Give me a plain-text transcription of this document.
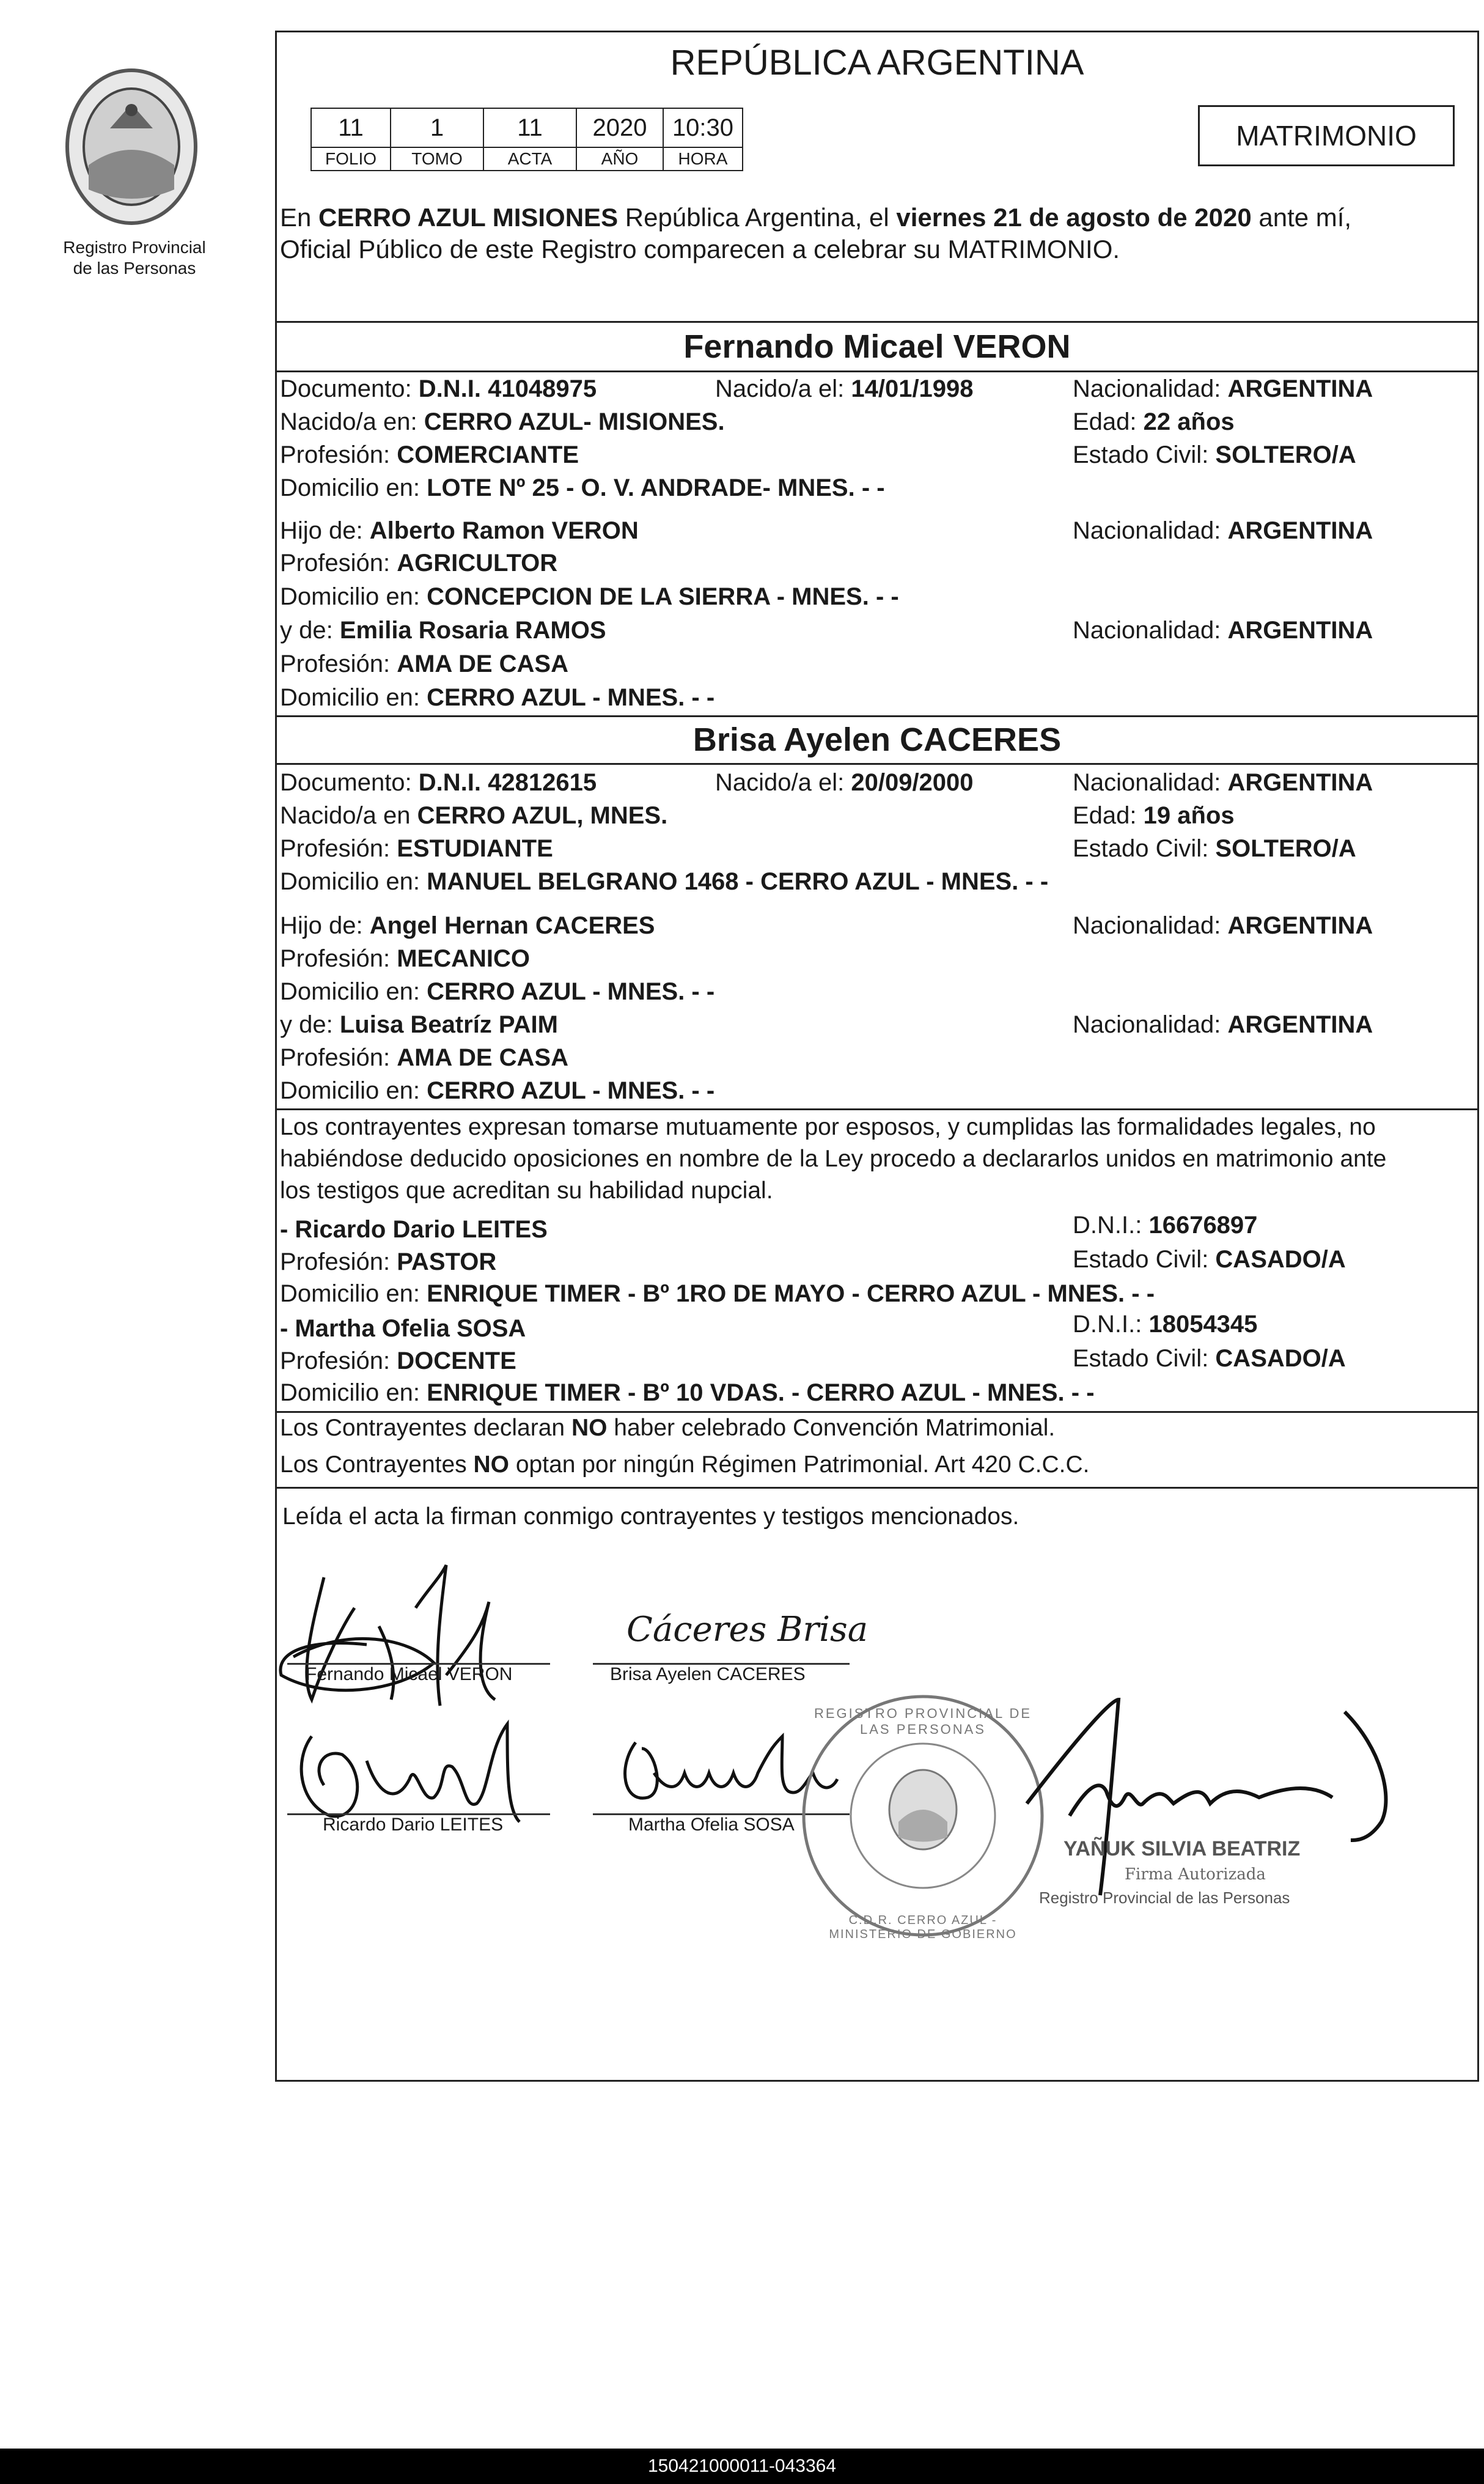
Registro Provincial
de las Personas
REPÚBLICA ARGENTINA
11	1	11	2020	10:30
FOLIO	TOMO	ACTA	AÑO	HORA
MATRIMONIO
En CERRO AZUL MISIONES República Argentina, el viernes 21 de agosto de 2020 ante mí,
Oficial Público de este Registro comparecen a celebrar su MATRIMONIO.
Fernando Micael VERON
Documento: D.N.I. 41048975	Nacido/a el: 14/01/1998	Nacionalidad: ARGENTINA
Nacido/a en: CERRO AZUL- MISIONES.	Edad: 22 años
Profesión: COMERCIANTE	Estado Civil: SOLTERO/A
Domicilio en: LOTE Nº 25 - O. V. ANDRADE- MNES. - -
Hijo de: Alberto Ramon VERON	Nacionalidad: ARGENTINA
Profesión: AGRICULTOR
Domicilio en: CONCEPCION DE LA SIERRA - MNES. - -
y de: Emilia Rosaria RAMOS	Nacionalidad: ARGENTINA
Profesión: AMA DE CASA
Domicilio en: CERRO AZUL - MNES. - -
Brisa Ayelen CACERES
Documento: D.N.I. 42812615	Nacido/a el: 20/09/2000	Nacionalidad: ARGENTINA
Nacido/a en CERRO AZUL, MNES.	Edad: 19 años
Profesión: ESTUDIANTE	Estado Civil: SOLTERO/A
Domicilio en: MANUEL BELGRANO 1468 - CERRO AZUL - MNES. - -
Hijo de: Angel Hernan CACERES	Nacionalidad: ARGENTINA
Profesión: MECANICO
Domicilio en: CERRO AZUL - MNES. - -
y de: Luisa Beatríz PAIM	Nacionalidad: ARGENTINA
Profesión: AMA DE CASA
Domicilio en: CERRO AZUL - MNES. - -
Los contrayentes expresan tomarse mutuamente por esposos, y cumplidas las formalidades legales, no
habiéndose deducido oposiciones en nombre de la Ley procedo a declararlos unidos en matrimonio ante
los testigos que acreditan su habilidad nupcial.
- Ricardo Dario LEITES	D.N.I.: 16676897
Profesión: PASTOR	Estado Civil: CASADO/A
Domicilio en: ENRIQUE TIMER - Bº 1RO DE MAYO - CERRO AZUL - MNES. - -
- Martha Ofelia SOSA	D.N.I.: 18054345
Profesión: DOCENTE	Estado Civil: CASADO/A
Domicilio en: ENRIQUE TIMER - Bº 10 VDAS. - CERRO AZUL - MNES. - -
Los Contrayentes declaran NO haber celebrado Convención Matrimonial.
Los Contrayentes NO optan por ningún Régimen Patrimonial. Art 420 C.C.C.
Leída el acta la firman conmigo contrayentes y testigos mencionados.
Fernando Micael VERON
Cáceres Brisa
Brisa Ayelen CACERES
Ricardo Dario LEITES	Martha Ofelia SOSA
REGISTRO PROVINCIAL DE LAS PERSONAS
C.D.R. CERRO AZUL - MINISTERIO DE GOBIERNO
YAÑUK SILVIA BEATRIZ
Firma Autorizada
Registro Provincial de las Personas
150421000011-043364
